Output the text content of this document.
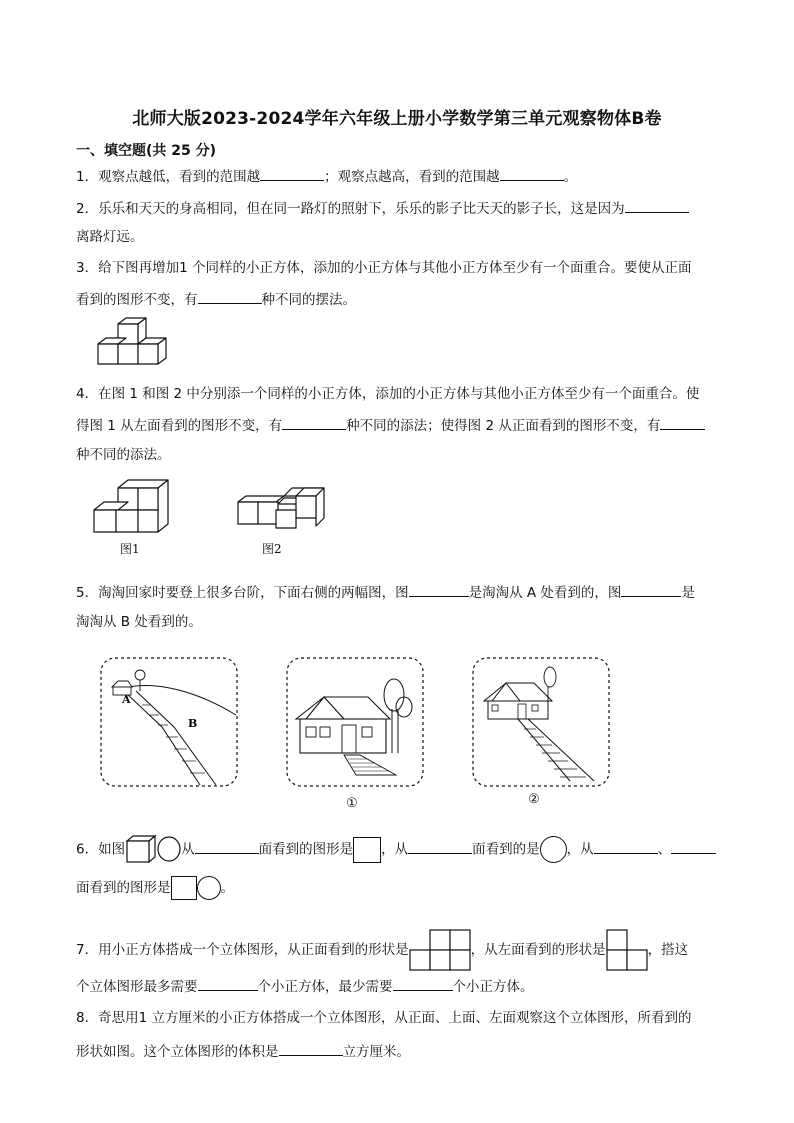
北师大版2023-2024学年六年级上册小学数学第三单元观察物体B卷
一、填空题(共 25 分)
1．观察点越低，看到的范围越	；观察点越高，看到的范围越	。
2．乐乐和天天的身高相同，但在同一路灯的照射下，乐乐的影子比天天的影子长，这是因为
离路灯远。
3．给下图再增加1 个同样的小正方体，添加的小正方体与其他小正方体至少有一个面重合。要使从正面
看到的图形不变，有	种不同的摆法。
4．在图 1 和图 2 中分别添一个同样的小正方体，添加的小正方体与其他小正方体至少有一个面重合。使
得图 1 从左面看到的图形不变，有	种不同的添法；使得图 2 从正面看到的图形不变，有
种不同的添法。
图1	图2
5．淘淘回家时要登上很多台阶，下面右侧的两幅图，图	是淘淘从 A 处看到的，图	是
淘淘从 B 处看到的。
A
B
①	②
6．如图	从	面看到的图形是 ，从	面看到的是 ，从	、
面看到的图形是	。
7．用小正方体搭成一个立体图形，从正面看到的形状是	，从左面看到的形状是	，搭这
个立体图形最多需要	个小正方体，最少需要	个小正方体。
8．奇思用1 立方厘米的小正方体搭成一个立体图形，从正面、上面、左面观察这个立体图形，所看到的
形状如图。这个立体图形的体积是	立方厘米。
